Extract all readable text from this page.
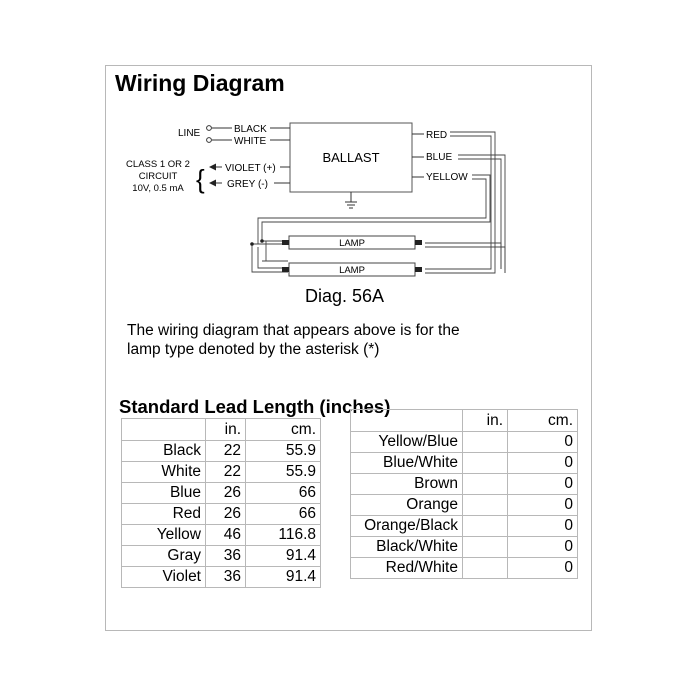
Wiring Diagram
BALLAST
LINE	BLACK
WHITE
CLASS 1 OR 2
CIRCUIT
10V, 0.5 mA { VIOLET (+)
GREY (-)
RED
BLUE
YELLOW
LAMP
LAMP
Diag. 56A
The wiring diagram that appears above is for the lamp type denoted by the asterisk (*)
Standard Lead Length (inches)
	in.	cm.
Black	22	55.9
White	22	55.9
Blue	26	66
Red	26	66
Yellow	46	116.8
Gray	36	91.4
Violet	36	91.4
	in.	cm.
Yellow/Blue		0
Blue/White		0
Brown		0
Orange		0
Orange/Black		0
Black/White		0
Red/White		0
